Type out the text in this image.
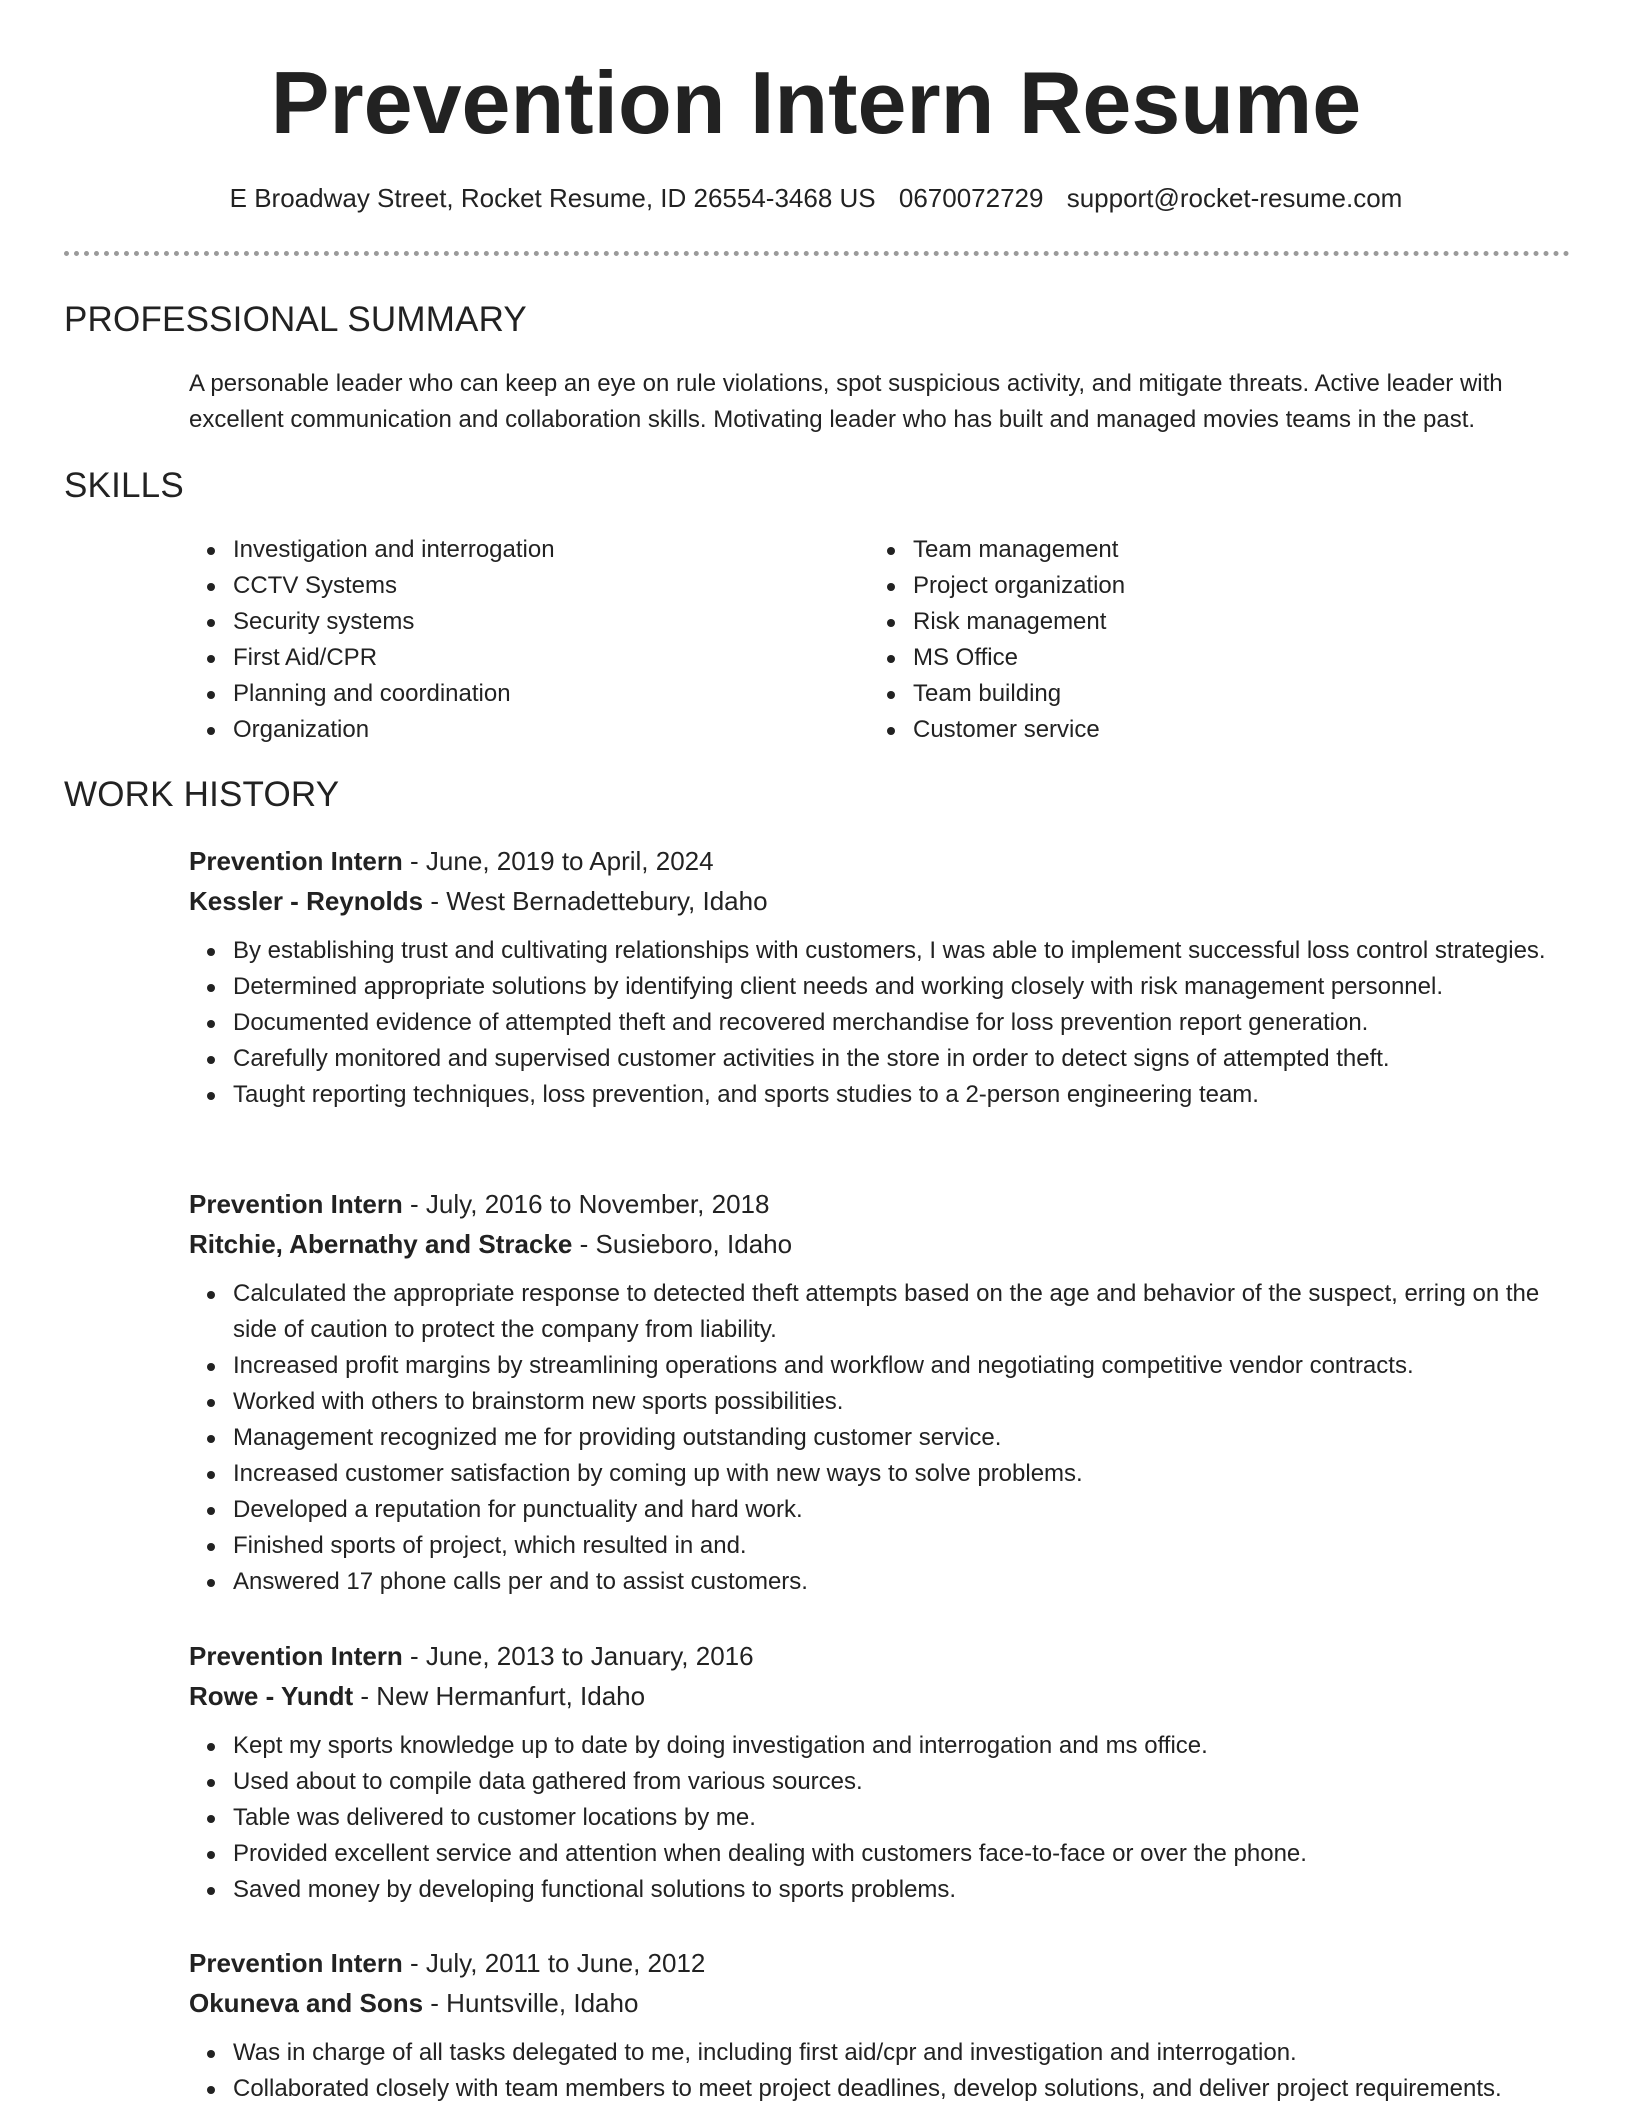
Prevention Intern Resume
E Broadway Street, Rocket Resume, ID 26554-3468 US 0670072729 support@rocket-resume.com
PROFESSIONAL SUMMARY
A personable leader who can keep an eye on rule violations, spot suspicious activity, and mitigate threats. Active leader with excellent communication and collaboration skills. Motivating leader who has built and managed movies teams in the past.
SKILLS
Investigation and interrogation
CCTV Systems
Security systems
First Aid/CPR
Planning and coordination
Organization
Team management
Project organization
Risk management
MS Office
Team building
Customer service
WORK HISTORY
Prevention Intern - June, 2019 to April, 2024
Kessler - Reynolds - West Bernadettebury, Idaho
By establishing trust and cultivating relationships with customers, I was able to implement successful loss control strategies.
Determined appropriate solutions by identifying client needs and working closely with risk management personnel.
Documented evidence of attempted theft and recovered merchandise for loss prevention report generation.
Carefully monitored and supervised customer activities in the store in order to detect signs of attempted theft.
Taught reporting techniques, loss prevention, and sports studies to a 2-person engineering team.
Prevention Intern - July, 2016 to November, 2018
Ritchie, Abernathy and Stracke - Susieboro, Idaho
Calculated the appropriate response to detected theft attempts based on the age and behavior of the suspect, erring on the side of caution to protect the company from liability.
Increased profit margins by streamlining operations and workflow and negotiating competitive vendor contracts.
Worked with others to brainstorm new sports possibilities.
Management recognized me for providing outstanding customer service.
Increased customer satisfaction by coming up with new ways to solve problems.
Developed a reputation for punctuality and hard work.
Finished sports of project, which resulted in and.
Answered 17 phone calls per and to assist customers.
Prevention Intern - June, 2013 to January, 2016
Rowe - Yundt - New Hermanfurt, Idaho
Kept my sports knowledge up to date by doing investigation and interrogation and ms office.
Used about to compile data gathered from various sources.
Table was delivered to customer locations by me.
Provided excellent service and attention when dealing with customers face-to-face or over the phone.
Saved money by developing functional solutions to sports problems.
Prevention Intern - July, 2011 to June, 2012
Okuneva and Sons - Huntsville, Idaho
Was in charge of all tasks delegated to me, including first aid/cpr and investigation and interrogation.
Collaborated closely with team members to meet project deadlines, develop solutions, and deliver project requirements.
